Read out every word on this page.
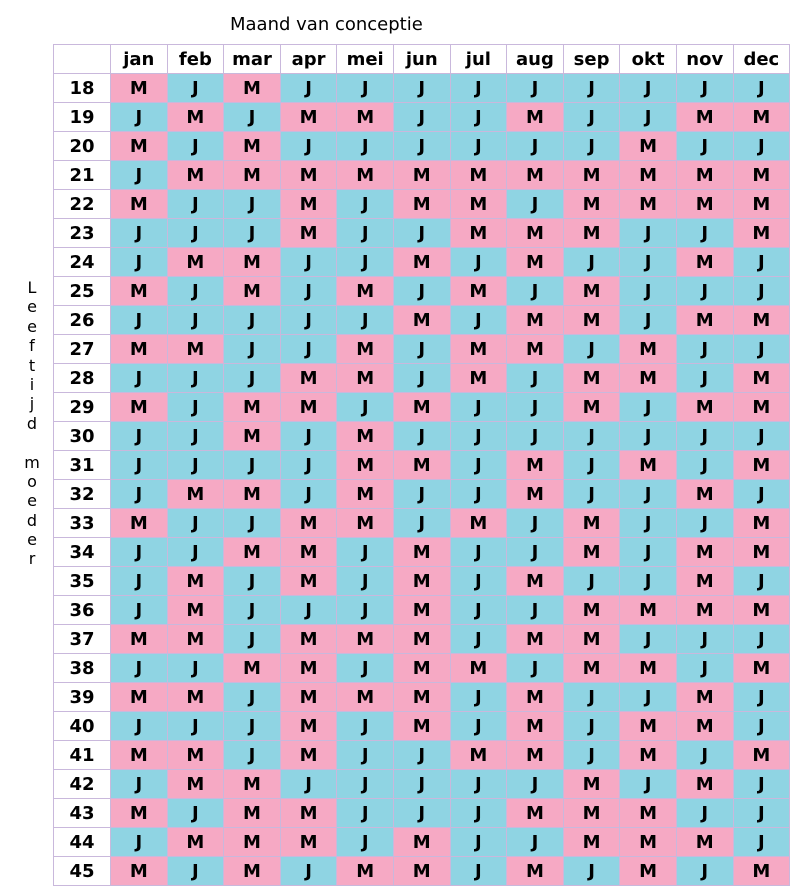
Maand van conceptie
L
e
e
f
t
i
j
d

m
o
e
d
e
r
	jan	feb	mar	apr	mei	jun	jul	aug	sep	okt	nov	dec
18	M	J	M	J	J	J	J	J	J	J	J	J
19	J	M	J	M	M	J	J	M	J	J	M	M
20	M	J	M	J	J	J	J	J	J	M	J	J
21	J	M	M	M	M	M	M	M	M	M	M	M
22	M	J	J	M	J	M	M	J	M	M	M	M
23	J	J	J	M	J	J	M	M	M	J	J	M
24	J	M	M	J	J	M	J	M	J	J	M	J
25	M	J	M	J	M	J	M	J	M	J	J	J
26	J	J	J	J	J	M	J	M	M	J	M	M
27	M	M	J	J	M	J	M	M	J	M	J	J
28	J	J	J	M	M	J	M	J	M	M	J	M
29	M	J	M	M	J	M	J	J	M	J	M	M
30	J	J	M	J	M	J	J	J	J	J	J	J
31	J	J	J	J	M	M	J	M	J	M	J	M
32	J	M	M	J	M	J	J	M	J	J	M	J
33	M	J	J	M	M	J	M	J	M	J	J	M
34	J	J	M	M	J	M	J	J	M	J	M	M
35	J	M	J	M	J	M	J	M	J	J	M	J
36	J	M	J	J	J	M	J	J	M	M	M	M
37	M	M	J	M	M	M	J	M	M	J	J	J
38	J	J	M	M	J	M	M	J	M	M	J	M
39	M	M	J	M	M	M	J	M	J	J	M	J
40	J	J	J	M	J	M	J	M	J	M	M	J
41	M	M	J	M	J	J	M	M	J	M	J	M
42	J	M	M	J	J	J	J	J	M	J	M	J
43	M	J	M	M	J	J	J	M	M	M	J	J
44	J	M	M	M	J	M	J	J	M	M	M	J
45	M	J	M	J	M	M	J	M	J	M	J	M
